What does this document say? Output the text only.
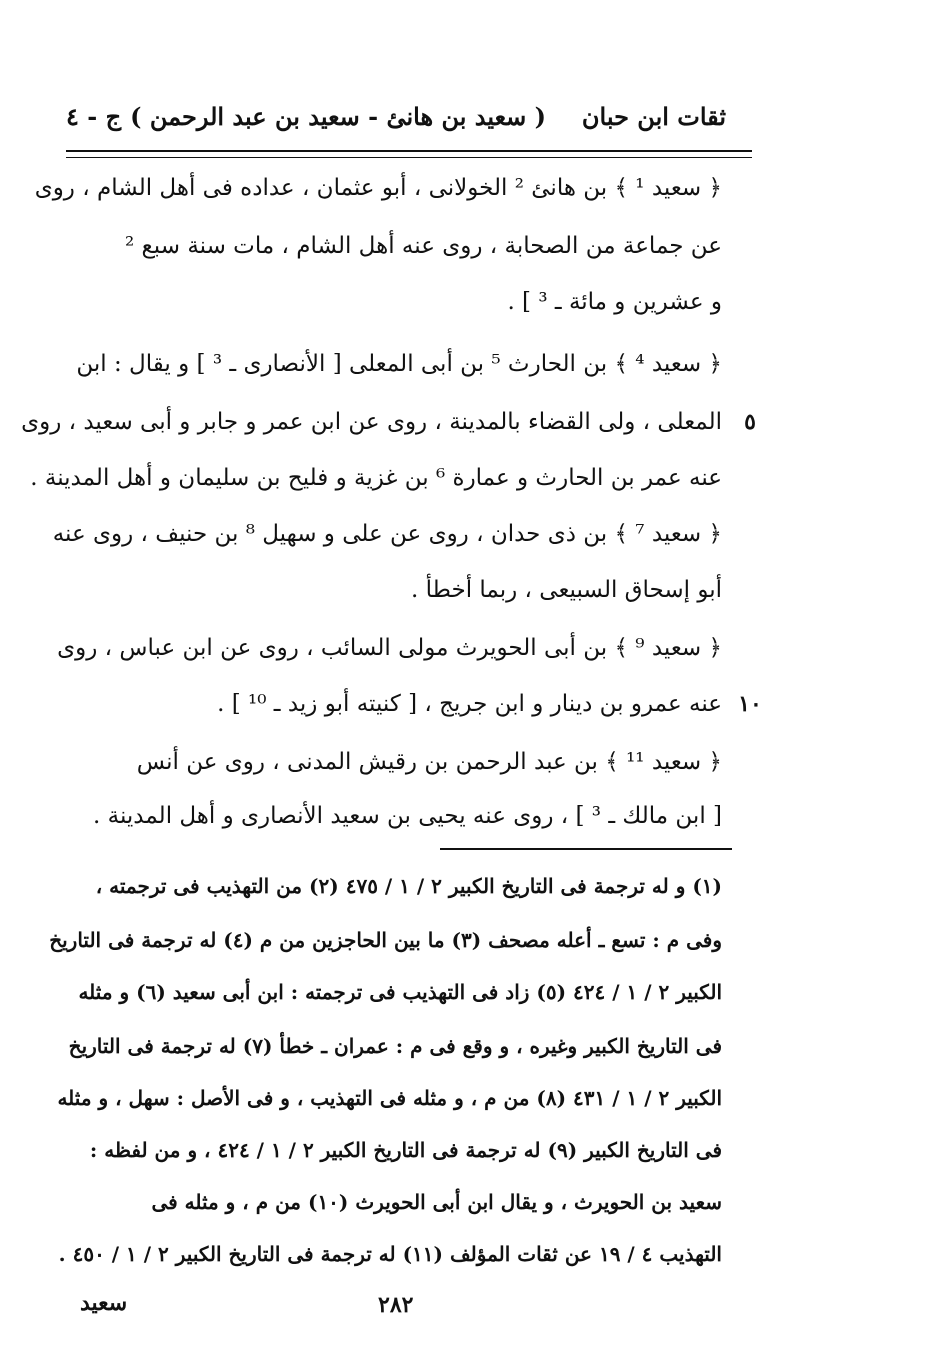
ثقات ابن حبان
( سعيد بن هانئ - سعيد بن عبد الرحمن )
ج - ٤
﴿ سعيد ¹ ﴾ بن هانئ ² الخولانى ، أبو عثمان ، عداده فى أهل الشام ، روى
عن جماعة من الصحابة ، روى عنه أهل الشام ، مات سنة سبع ²
و عشرين و مائة ـ ³ ] .
﴿ سعيد ⁴ ﴾ بن الحارث ⁵ بن أبى المعلى [ الأنصارى ـ ³ ] و يقال : ابن
المعلى ، ولى القضاء بالمدينة ، روى عن ابن عمر و جابر و أبى سعيد ، روى	٥
عنه عمر بن الحارث و عمارة ⁶ بن غزية و فليح بن سليمان و أهل المدينة .
﴿ سعيد ⁷ ﴾ بن ذى حدان ، روى عن على و سهيل ⁸ بن حنيف ، روى عنه
أبو إسحاق السبيعى ، ربما أخطأ .
﴿ سعيد ⁹ ﴾ بن أبى الحويرث مولى السائب ، روى عن ابن عباس ، روى
عنه عمرو بن دينار و ابن جريج ، [ كنيته أبو زيد ـ ¹⁰ ] . ١٠
﴿ سعيد ¹¹ ﴾ بن عبد الرحمن بن رقيش المدنى ، روى عن أنس
[ ابن مالك ـ ³ ] ، روى عنه يحيى بن سعيد الأنصارى و أهل المدينة .
(١) و له ترجمة فى التاريخ الكبير ٢ / ١ / ٤٧٥ (٢) من التهذيب فى ترجمته ،
وفى م : تسع ـ أعله مصحف (٣) ما بين الحاجزين من م (٤) له ترجمة فى التاريخ
الكبير ٢ / ١ / ٤٢٤ (٥) زاد فى التهذيب فى ترجمته : ابن أبى سعيد (٦) و مثله
فى التاريخ الكبير وغيره ، و وقع فى م : عمران ـ خطأ (٧) له ترجمة فى التاريخ
الكبير ٢ / ١ / ٤٣١ (٨) من م ، و مثله فى التهذيب ، و فى الأصل : سهل ، و مثله
فى التاريخ الكبير (٩) له ترجمة فى التاريخ الكبير ٢ / ١ / ٤٢٤ ، و من لفظه :
سعيد بن الحويرث ، و يقال ابن أبى الحويرث (١٠) من م ، و مثله فى
التهذيب ٤ / ١٩ عن ثقات المؤلف (١١) له ترجمة فى التاريخ الكبير ٢ / ١ / ٤٥٠ .
سعيد	٢٨٢
